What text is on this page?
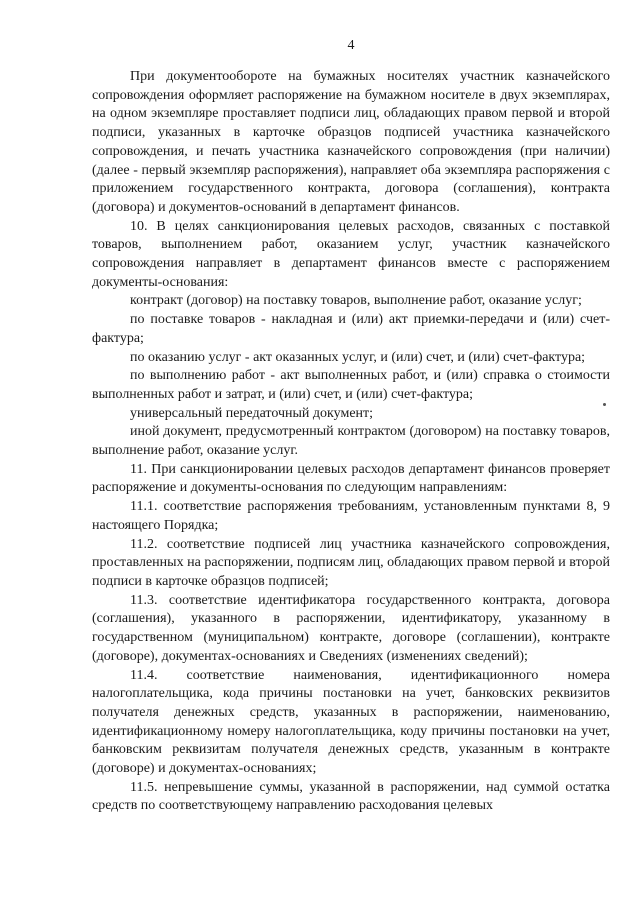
4

При документообороте на бумажных носителях участник казначейского сопровождения оформляет распоряжение на бумажном носителе в двух экземплярах, на одном экземпляре проставляет подписи лиц, обладающих правом первой и второй подписи, указанных в карточке образцов подписей участника казначейского сопровождения, и печать участника казначейского сопровождения (при наличии) (далее - первый экземпляр распоряжения), направляет оба экземпляра распоряжения с приложением государственного контракта, договора (соглашения), контракта (договора) и документов-оснований в департамент финансов.

10. В целях санкционирования целевых расходов, связанных с поставкой товаров, выполнением работ, оказанием услуг, участник казначейского сопровождения направляет в департамент финансов вместе с распоряжением документы-основания:

контракт (договор) на поставку товаров, выполнение работ, оказание услуг;

по поставке товаров - накладная и (или) акт приемки-передачи и (или) счет-фактура;

по оказанию услуг - акт оказанных услуг, и (или) счет, и (или) счет-фактура;

по выполнению работ - акт выполненных работ, и (или) справка о стоимости выполненных работ и затрат, и (или) счет, и (или) счет-фактура;

универсальный передаточный документ;

иной документ, предусмотренный контрактом (договором) на поставку товаров, выполнение работ, оказание услуг.

11. При санкционировании целевых расходов департамент финансов проверяет распоряжение и документы-основания по следующим направлениям:

11.1. соответствие распоряжения требованиям, установленным пунктами 8, 9 настоящего Порядка;

11.2. соответствие подписей лиц участника казначейского сопровождения, проставленных на распоряжении, подписям лиц, обладающих правом первой и второй подписи в карточке образцов подписей;

11.3. соответствие идентификатора государственного контракта, договора (соглашения), указанного в распоряжении, идентификатору, указанному в государственном (муниципальном) контракте, договоре (соглашении), контракте (договоре), документах-основаниях и Сведениях (изменениях сведений);

11.4. соответствие наименования, идентификационного номера налогоплательщика, кода причины постановки на учет, банковских реквизитов получателя денежных средств, указанных в распоряжении, наименованию, идентификационному номеру налогоплательщика, коду причины постановки на учет, банковским реквизитам получателя денежных средств, указанным в контракте (договоре) и документах-основаниях;

11.5. непревышение суммы, указанной в распоряжении, над суммой остатка средств по соответствующему направлению расходования целевых
